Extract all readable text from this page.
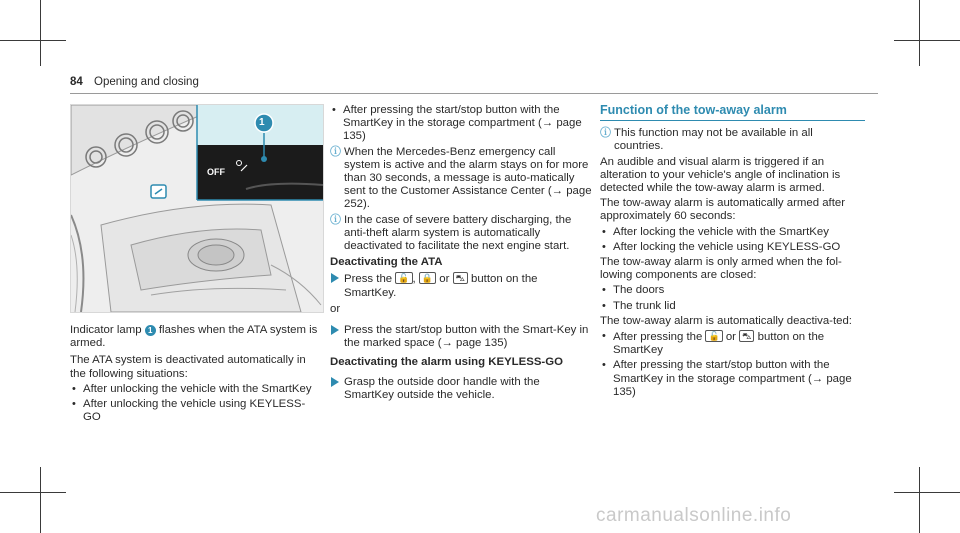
84 Opening and closing
1
OFF

Indicator lamp 1 flashes when the ATA system is armed.

The ATA system is deactivated automatically in the following situations:

• After unlocking the vehicle with the SmartKey
• After unlocking the vehicle using KEYLESS-GO
• After pressing the start/stop button with the SmartKey in the storage compartment (→ page 135)
ⓘ When the Mercedes-Benz emergency call system is active and the alarm stays on for more than 30 seconds, a message is auto-matically sent to the Customer Assistance Center (→ page 252).
ⓘ In the case of severe battery discharging, the anti-theft alarm system is automatically deactivated to facilitate the next engine start.
Deactivating the ATA
Press the 🔓 , 🔒 or ⛍ button on the SmartKey.

or

Press the start/stop button with the Smart-Key in the marked space (→ page 135)
Deactivating the alarm using KEYLESS-GO
Grasp the outside door handle with the SmartKey outside the vehicle.
Function of the tow-away alarm
ⓘ This function may not be available in all countries.

An audible and visual alarm is triggered if an alteration to your vehicle's angle of inclination is detected while the tow-away alarm is armed.

The tow-away alarm is automatically armed after approximately 60 seconds:

• After locking the vehicle with the SmartKey
• After locking the vehicle using KEYLESS-GO

The tow-away alarm is only armed when the fol-lowing components are closed:

• The doors
• The trunk lid

The tow-away alarm is automatically deactiva-ted:

• After pressing the 🔓 or ⛍ button on the SmartKey
• After pressing the start/stop button with the SmartKey in the storage compartment (→ page 135)
carmanualsonline.info
